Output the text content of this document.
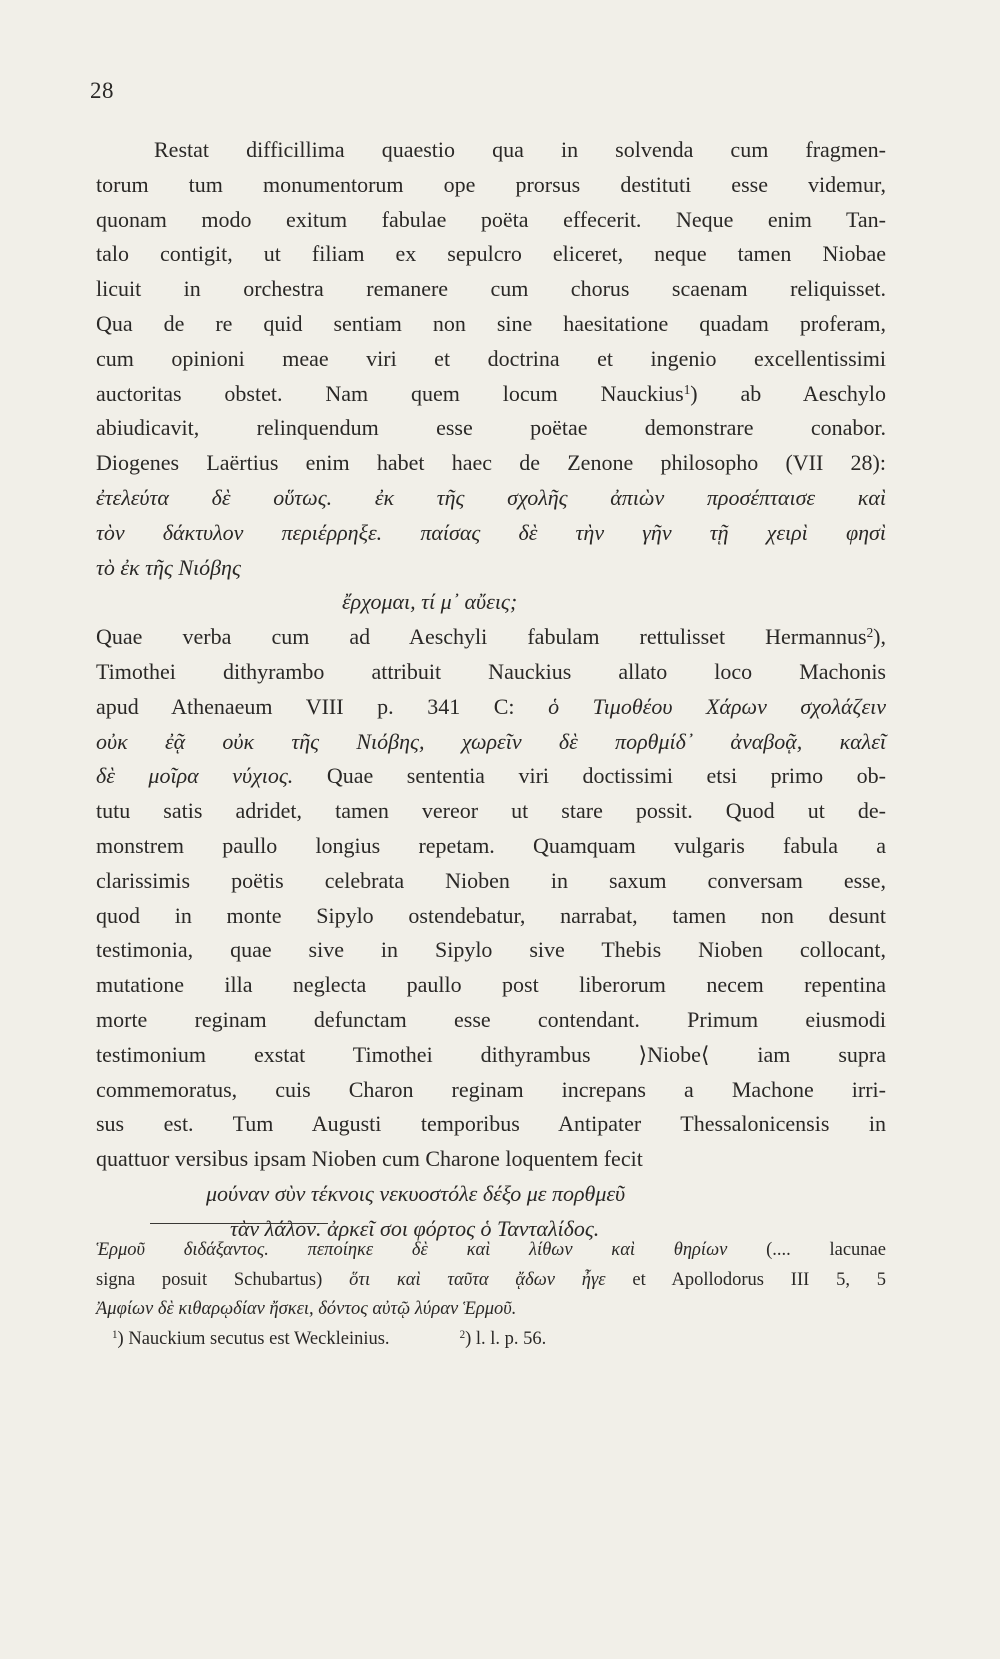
28
Restat difficillima quaestio qua in solvenda cum fragmen-
torum tum monumentorum ope prorsus destituti esse videmur,
quonam modo exitum fabulae poëta effecerit. Neque enim Tan-
talo contigit, ut filiam ex sepulcro eliceret, neque tamen Niobae
licuit in orchestra remanere cum chorus scaenam reliquisset.
Qua de re quid sentiam non sine haesitatione quadam proferam,
cum opinioni meae viri et doctrina et ingenio excellentissimi
auctoritas obstet. Nam quem locum Nauckius$^1$) ab Aeschylo
abiudicavit, relinquendum esse poëtae demonstrare conabor.
Diogenes Laërtius enim habet haec de Zenone philosopho (VII 28):
ἐτελεύτα δὲ οὕτως. ἐκ τῆς σχολῆς ἀπιὼν προσέπταισε καὶ
τὸν δάκτυλον περιέρρηξε. παίσας δὲ τὴν γῆν τῇ χειρὶ φησὶ
τὸ ἐκ τῆς Νιόβης
ἔρχομαι, τί μ᾽ αὔεις;
Quae verba cum ad Aeschyli fabulam rettulisset Hermannus$^2$),
Timothei dithyrambo attribuit Nauckius allato loco Machonis
apud Athenaeum VIII p. 341 C: ὁ Τιμοθέου Χάρων σχολάζειν
οὐκ ἐᾷ οὐκ τῆς Νιόβης, χωρεῖν δὲ πορθμίδ᾽ ἀναβοᾷ, καλεῖ
δὲ μοῖρα νύχιος. Quae sententia viri doctissimi etsi primo ob-
tutu satis adridet, tamen vereor ut stare possit. Quod ut de-
monstrem paullo longius repetam. Quamquam vulgaris fabula a
clarissimis poëtis celebrata Nioben in saxum conversam esse,
quod in monte Sipylo ostendebatur, narrabat, tamen non desunt
testimonia, quae sive in Sipylo sive Thebis Nioben collocant,
mutatione illa neglecta paullo post liberorum necem repentina
morte reginam defunctam esse contendant. Primum eiusmodi
testimonium exstat Timothei dithyrambus ⟩Niobe⟨ iam supra
commemoratus, cuis Charon reginam increpans a Machone irri-
sus est. Tum Augusti temporibus Antipater Thessalonicensis in
quattuor versibus ipsam Nioben cum Charone loquentem fecit
μούναν σὺν τέκνοις νεκυοστόλε δέξο με πορθμεῦ
τὰν λάλον. ἀρκεῖ σοι φόρτος ὁ Τανταλίδος.
Ἑρμοῦ διδάξαντος. πεποίηκε δὲ καὶ λίθων καὶ θηρίων (.... lacunae
signa posuit Schubartus) ὅτι καὶ ταῦτα ᾄδων ἦγε et Apollodorus III 5, 5
Ἀμφίων δὲ κιθαρῳδίαν ἤσκει, δόντος αὐτῷ λύραν Ἑρμοῦ.
$^1$) Nauckium secutus est Weckleinius.	$^2$) l. l. p. 56.
